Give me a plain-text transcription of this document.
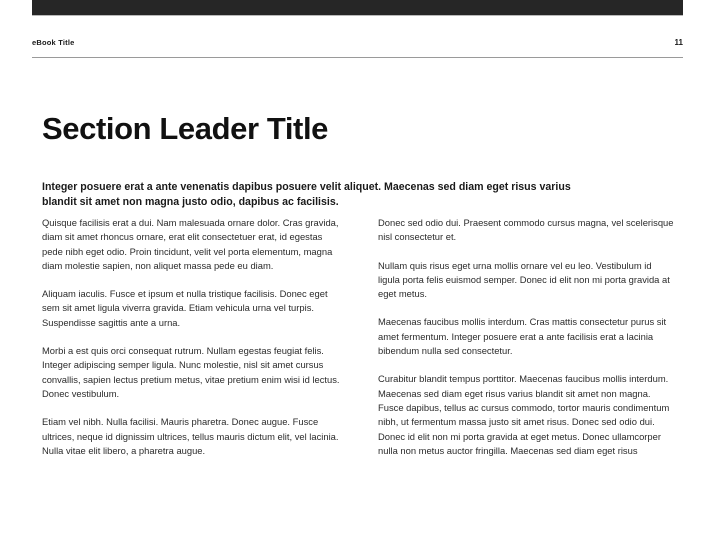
eBook Title	11
Section Leader Title

Integer posuere erat a ante venenatis dapibus posuere velit aliquet. Maecenas sed diam eget risus varius blandit sit amet non magna justo odio, dapibus ac facilisis.

Quisque facilisis erat a dui. Nam malesuada ornare dolor. Cras gravida, diam sit amet rhoncus ornare, erat elit consectetuer erat, id egestas pede nibh eget odio. Proin tincidunt, velit vel porta elementum, magna diam molestie sapien, non aliquet massa pede eu diam.

Aliquam iaculis. Fusce et ipsum et nulla tristique facilisis. Donec eget sem sit amet ligula viverra gravida. Etiam vehicula urna vel turpis. Suspendisse sagittis ante a urna.

Morbi a est quis orci consequat rutrum. Nullam egestas feugiat felis. Integer adipiscing semper ligula. Nunc molestie, nisl sit amet cursus convallis, sapien lectus pretium metus, vitae pretium enim wisi id lectus. Donec vestibulum.

Etiam vel nibh. Nulla facilisi. Mauris pharetra. Donec augue. Fusce ultrices, neque id dignissim ultrices, tellus mauris dictum elit, vel lacinia. Nulla vitae elit libero, a pharetra augue.

Donec sed odio dui. Praesent commodo cursus magna, vel scelerisque nisl consectetur et.

Nullam quis risus eget urna mollis ornare vel eu leo. Vestibulum id ligula porta felis euismod semper. Donec id elit non mi porta gravida at eget metus.

Maecenas faucibus mollis interdum. Cras mattis consectetur purus sit amet fermentum. Integer posuere erat a ante facilisis erat a lacinia bibendum nulla sed consectetur.

Curabitur blandit tempus porttitor. Maecenas faucibus mollis interdum. Maecenas sed diam eget risus varius blandit sit amet non magna. Fusce dapibus, tellus ac cursus commodo, tortor mauris condimentum nibh, ut fermentum massa justo sit amet risus. Donec sed odio dui. Donec id elit non mi porta gravida at eget metus. Donec ullamcorper nulla non metus auctor fringilla. Maecenas sed diam eget risus
